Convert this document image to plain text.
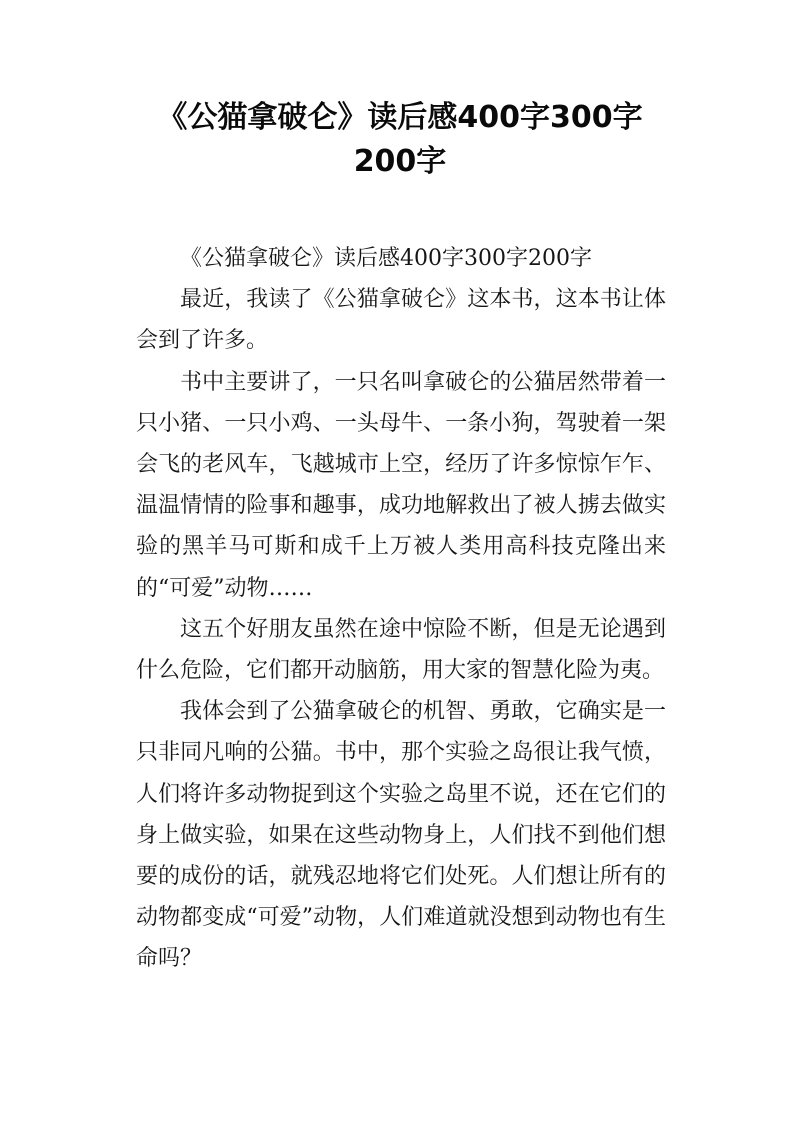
《公猫拿破仑》读后感400字300字
200字

《公猫拿破仑》读后感400字300字200字

最近，我读了《公猫拿破仑》这本书，这本书让体会到了许多。

书中主要讲了，一只名叫拿破仑的公猫居然带着一只小猪、一只小鸡、一头母牛、一条小狗，驾驶着一架会飞的老风车，飞越城市上空，经历了许多惊惊乍乍、温温情情的险事和趣事，成功地解救出了被人掳去做实验的黑羊马可斯和成千上万被人类用高科技克隆出来的“可爱”动物……

这五个好朋友虽然在途中惊险不断，但是无论遇到什么危险，它们都开动脑筋，用大家的智慧化险为夷。

我体会到了公猫拿破仑的机智、勇敢，它确实是一只非同凡响的公猫。书中，那个实验之岛很让我气愤，人们将许多动物捉到这个实验之岛里不说，还在它们的身上做实验，如果在这些动物身上，人们找不到他们想要的成份的话，就残忍地将它们处死。人们想让所有的动物都变成“可爱”动物，人们难道就没想到动物也有生命吗？
